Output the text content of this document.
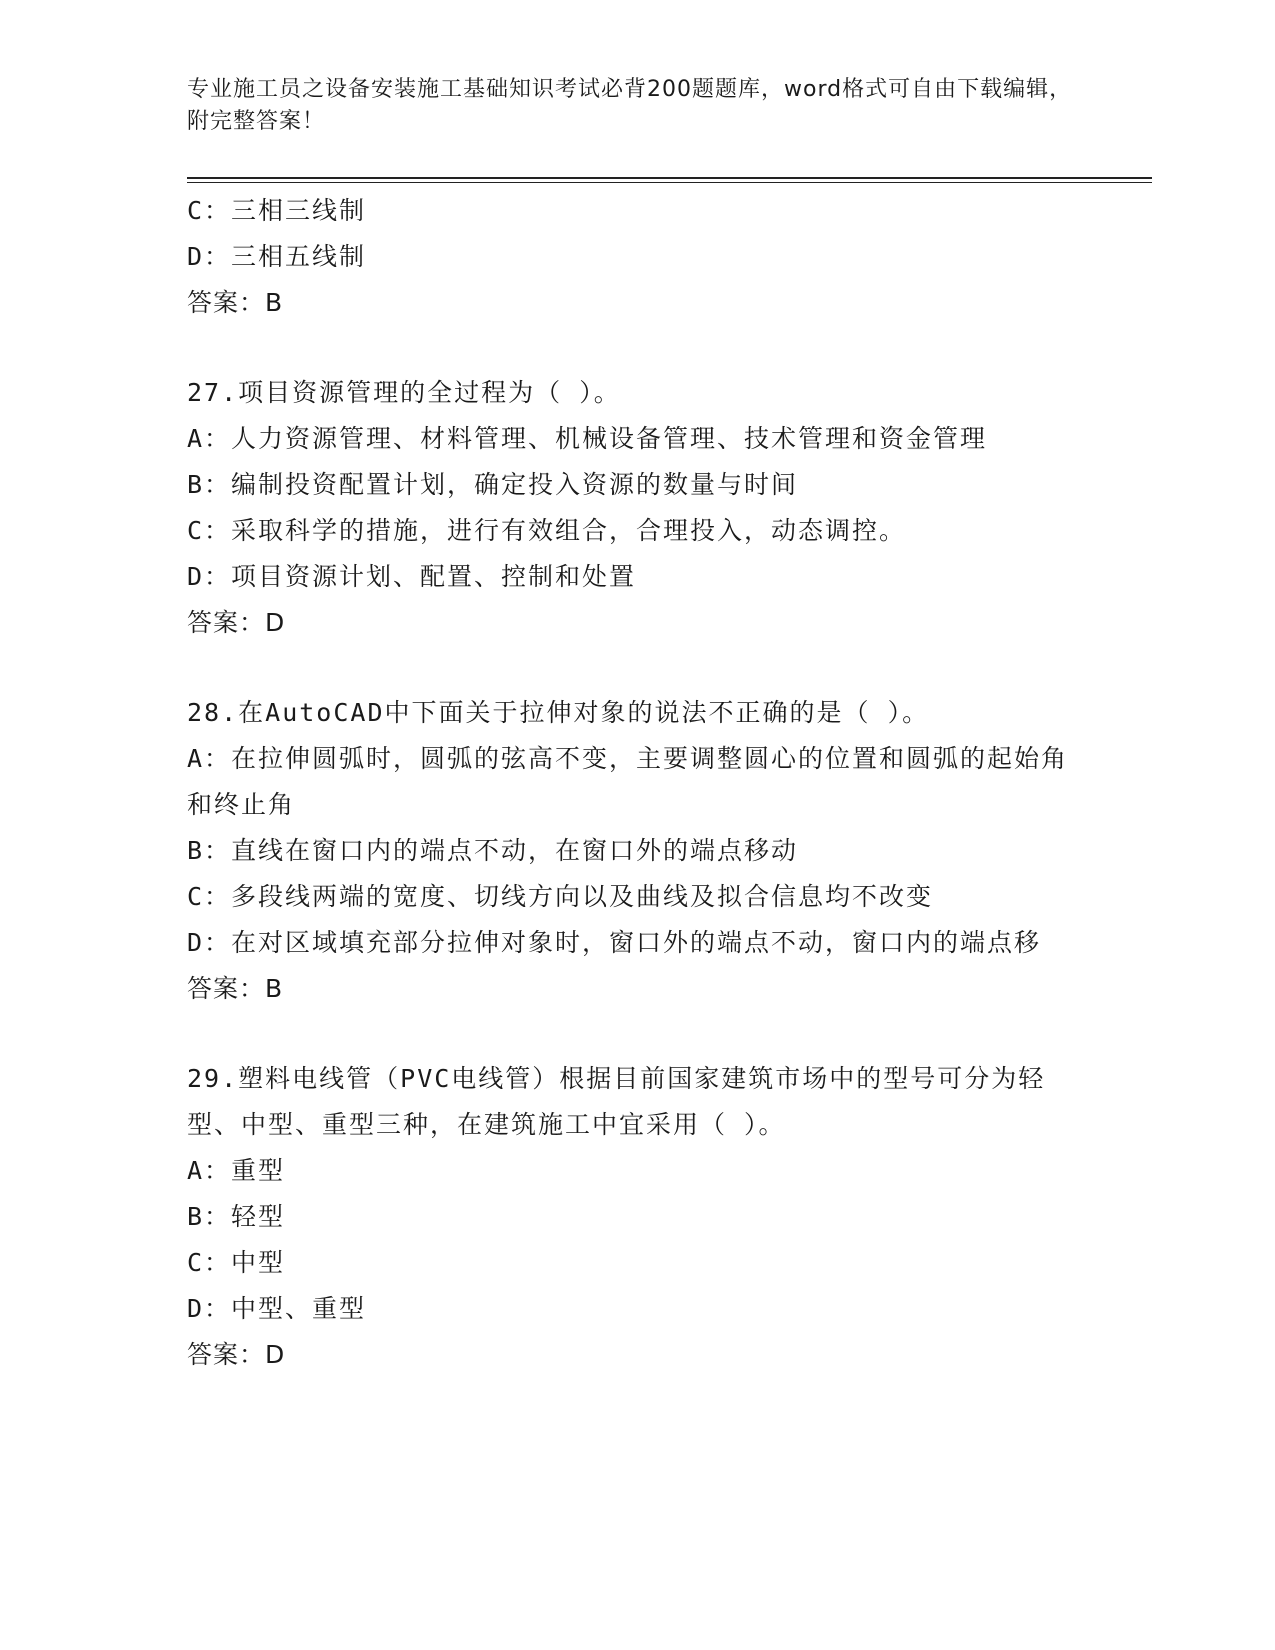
专业施工员之设备安装施工基础知识考试必背200题题库，word格式可自由下载编辑，附完整答案！
C：三相三线制
D：三相五线制
答案：B
27.项目资源管理的全过程为（ ）。
A：人力资源管理、材料管理、机械设备管理、技术管理和资金管理
B：编制投资配置计划，确定投入资源的数量与时间
C：采取科学的措施，进行有效组合，合理投入，动态调控。
D：项目资源计划、配置、控制和处置
答案：D
28.在AutoCAD中下面关于拉伸对象的说法不正确的是（ ）。
A：在拉伸圆弧时，圆弧的弦高不变，主要调整圆心的位置和圆弧的起始角和终止角
B：直线在窗口内的端点不动，在窗口外的端点移动
C：多段线两端的宽度、切线方向以及曲线及拟合信息均不改变
D：在对区域填充部分拉伸对象时，窗口外的端点不动，窗口内的端点移
答案：B
29.塑料电线管（PVC电线管）根据目前国家建筑市场中的型号可分为轻型、中型、重型三种，在建筑施工中宜采用（ ）。
A：重型
B：轻型
C：中型
D：中型、重型
答案：D
